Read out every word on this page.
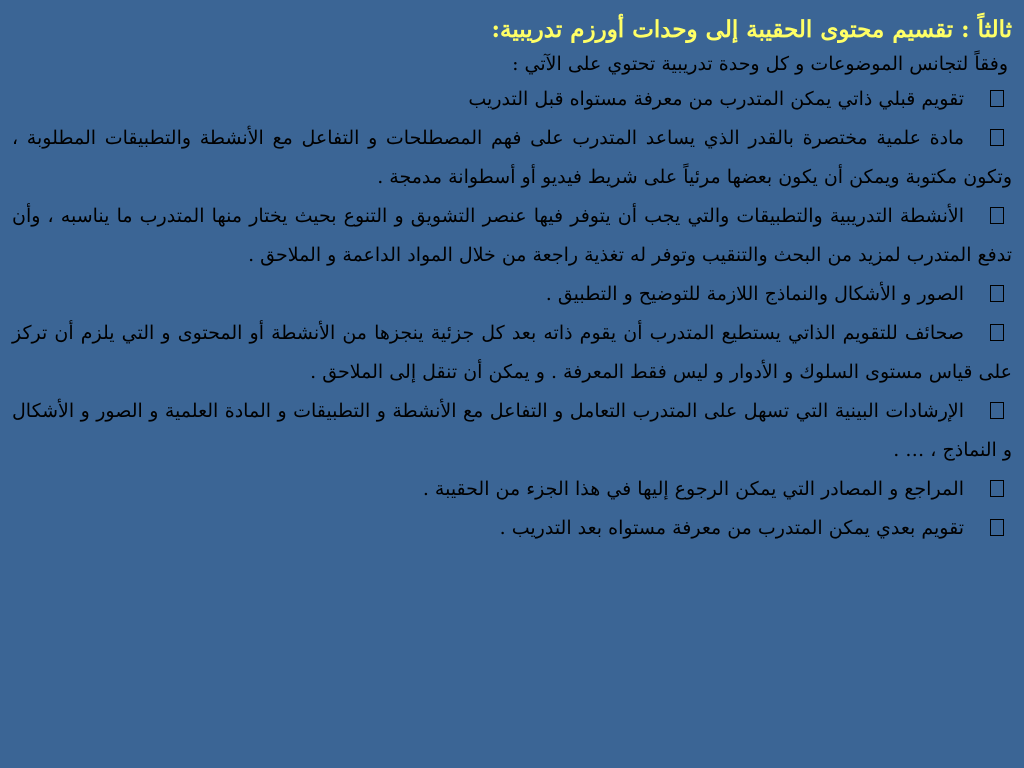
ثالثاً : تقسيم محتوى الحقيبة إلى وحدات أورزم تدريبية:

وفقاً لتجانس الموضوعات و كل وحدة تدريبية تحتوي على الآتي :

تقويم قبلي ذاتي يمكن المتدرب من معرفة مستواه قبل التدريب
مادة علمية مختصرة بالقدر الذي يساعد المتدرب على فهم المصطلحات و التفاعل مع الأنشطة والتطبيقات المطلوبة ، وتكون مكتوبة ويمكن أن يكون بعضها مرئياً على شريط فيديو أو أسطوانة مدمجة .
الأنشطة التدريبية والتطبيقات والتي يجب أن يتوفر فيها عنصر التشويق و التنوع بحيث يختار منها المتدرب ما يناسبه ، وأن تدفع المتدرب لمزيد من البحث والتنقيب وتوفر له تغذية راجعة من خلال المواد الداعمة و الملاحق .
الصور و الأشكال والنماذج اللازمة للتوضيح و التطبيق .
صحائف للتقويم الذاتي يستطيع المتدرب أن يقوم ذاته بعد كل جزئية ينجزها من الأنشطة أو المحتوى و التي يلزم أن تركز على قياس مستوى السلوك و الأدوار و ليس فقط المعرفة . و يمكن أن تنقل إلى الملاحق .
الإرشادات البينية التي تسهل على المتدرب التعامل و التفاعل مع الأنشطة و التطبيقات و المادة العلمية و الصور و الأشكال و النماذج ، … .
المراجع و المصادر التي يمكن الرجوع إليها في هذا الجزء من الحقيبة .
تقويم بعدي يمكن المتدرب من معرفة مستواه بعد التدريب .
